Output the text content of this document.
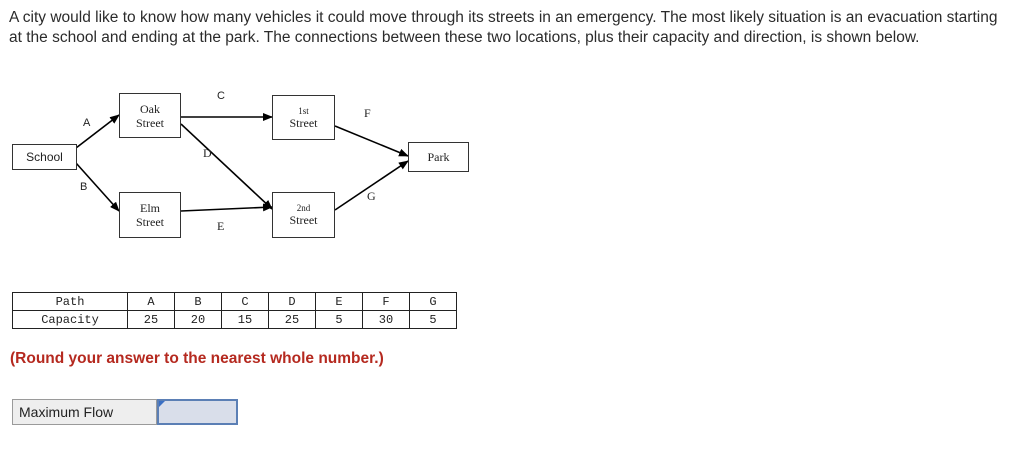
A city would like to know how many vehicles it could move through its streets in an emergency. The most likely situation is an evacuation starting at the school and ending at the park. The connections between these two locations, plus their capacity and direction, is shown below.
School
Oak
Street
Elm
Street
1st
Street
2nd
Street
Park
A
B
C
D
E
F
G
Path	A	B	C	D	E	F	G
Capacity	25	20	15	25	5	30	5
(Round your answer to the nearest whole number.)
Maximum Flow
